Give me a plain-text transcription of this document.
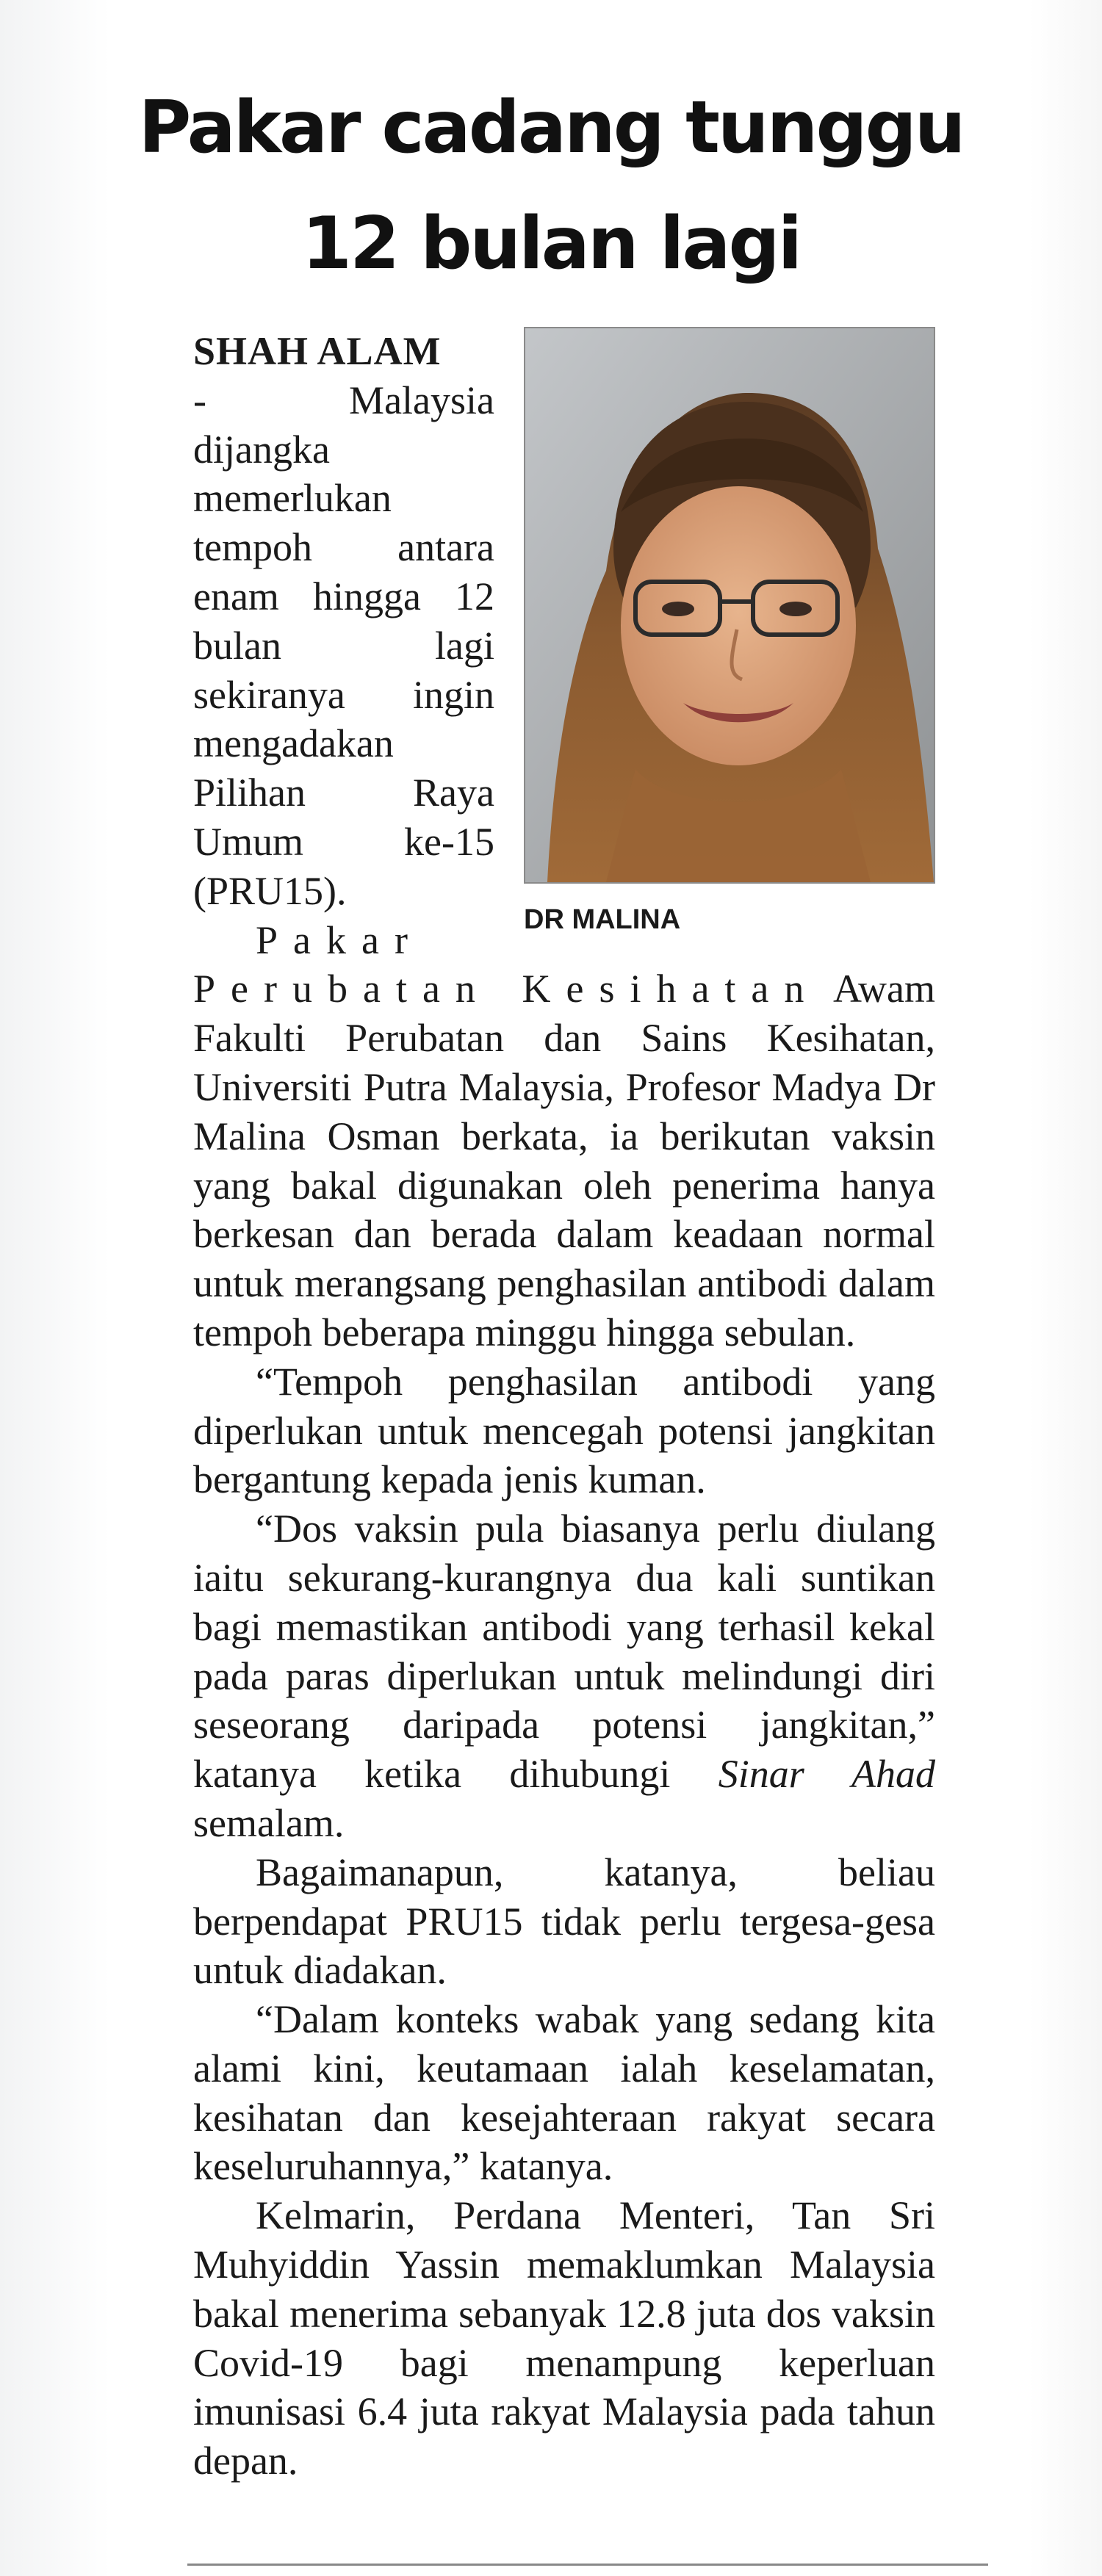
Pakar cadang tunggu
12 bulan lagi
DR MALINA

SHAH ALAM
- Malaysia dijangka memerlukan tempoh antara enam hingga 12 bulan lagi sekiranya ingin mengadakan Pilihan Raya Umum ke-15 (PRU15).

Pakar Perubatan Kesihatan Awam Fakulti Perubatan dan Sains Kesihatan, Universiti Putra Malaysia, Profesor Madya Dr Malina Osman berkata, ia berikutan vaksin yang bakal digunakan oleh penerima hanya berkesan dan berada dalam keadaan normal untuk merangsang penghasilan antibodi dalam tempoh beberapa minggu hingga sebulan.

“Tempoh penghasilan antibodi yang diperlukan untuk mencegah potensi jangkitan bergantung kepada jenis kuman.

“Dos vaksin pula biasanya perlu diulang iaitu sekurang-kurangnya dua kali suntikan bagi memastikan antibodi yang terhasil kekal pada paras diperlukan untuk melindungi diri seseorang daripada potensi jangkitan,” katanya ketika dihubungi Sinar Ahad semalam.

Bagaimanapun, katanya, beliau berpendapat PRU15 tidak perlu tergesa-gesa untuk diadakan.

“Dalam konteks wabak yang sedang kita alami kini, keutamaan ialah keselamatan, kesihatan dan kesejahteraan rakyat secara keseluruhannya,” katanya.

Kelmarin, Perdana Menteri, Tan Sri Muhyiddin Yassin memaklumkan Malaysia bakal menerima sebanyak 12.8 juta dos vaksin Covid-19 bagi menampung keperluan imunisasi 6.4 juta rakyat Malaysia pada tahun depan.
